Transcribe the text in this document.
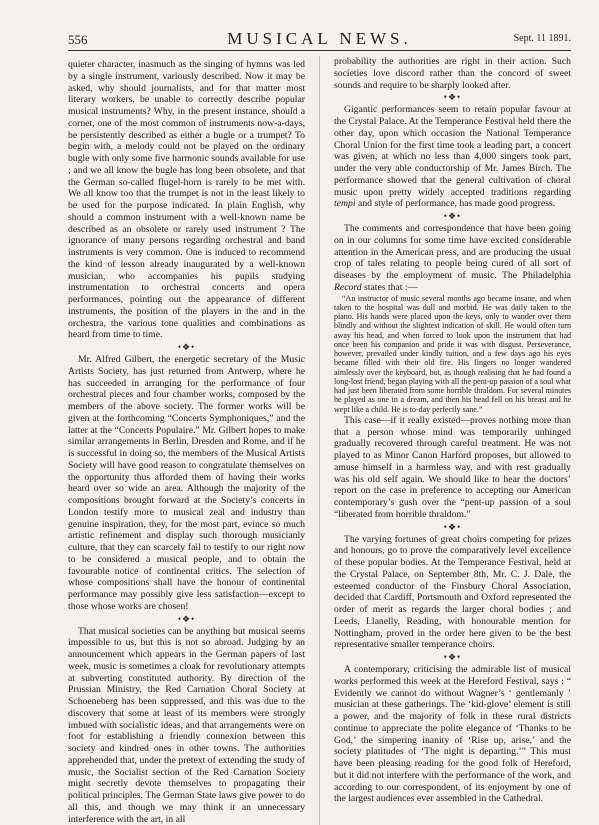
556	MUSICAL NEWS.	Sept. 11 1891.

quieter character, inasmuch as the singing of hymns was led by a single instrument, variously described. Now it may be asked, why should journalists, and for that matter most literary workers, be unable to correctly describe popular musical instruments? Why, in the present instance, should a cornet, one of the most common of instruments now-a-days, be persistently described as either a bugle or a trumpet? To begin with, a melody could not be played on the ordinary bugle with only some five harmonic sounds available for use ; and we all know the bugle has long been obsolete, and that the German so-called flugel-horn is rarely to be met with. We all know too that the trumpet is not in the least likely to be used for the purpose indicated. In plain English, why should a common instrument with a well-known name be described as an obsolete or rarely used instrument ? The ignorance of many persons regarding orchestral and band instruments is very common. One is induced to recommend the kind of lesson already inaugurated by a well-known musician, who accompanies his pupils studying instrumentation to orchestral concerts and opera performances, pointing out the appearance of different instruments, the position of the players in the and in the orchestra, the various tone qualities and combinations as heard from time to time.

•❖•

Mr. Alfred Gilbert, the energetic secretary of the Music Artists Society, has just returned from Antwerp, where he has succeeded in arranging for the performance of four orchestral pieces and four chamber works, composed by the members of the above society. The former works will be given at the forthcoming “Concerts Symphoniques,” and the latter at the “Concerts Populaire.” Mr. Gilbert hopes to make similar arrangements in Berlin, Dresden and Rome, and if he is successful in doing so, the members of the Musical Artists Society will have good reason to congratulate themselves on the opportunity thus afforded them of having their works heard over so wide an area. Although the majority of the compositions brought forward at the Society’s concerts in London testify more to musical zeal and industry than genuine inspiration, they, for the most part, evince so much artistic refinement and display such thorough musicianly culture, that they can scarcely fail to testify to our right now to be considered a musical people, and to obtain the favourable notice of continental critics. The selection of whose compositions shall have the honour of continental performance may possibly give less satisfaction—except to those whose works are chosen!

•❖•

That musical societies can be anything but musical seems impossible to us, but this is not so abroad. Judging by an announcement which appears in the German papers of last week, music is sometimes a cloak for revolutionary attempts at subverting constituted authority. By direction of the Prussian Ministry, the Red Carnation Choral Society at Schoeneberg has been suppressed, and this was due to the discovery that some at least of its members were strongly imbued with socialistic ideas, and that arrangements were on foot for establishing a friendly connexion between this society and kindred ones in other towns. The authorities apprehended that, under the pretext of extending the study of music, the Socialist section of the Red Carnation Society might secretly devote themselves to propagating their political principles. The German State laws give power to do all this, and though we may think it an unnecessary interference with the art, in all

probability the authorities are right in their action. Such societies love discord rather than the concord of sweet sounds and require to be sharply looked after.

•❖•

Gigantic performances seem to retain popular favour at the Crystal Palace. At the Temperance Festival held there the other day, upon which occasion the National Temperance Choral Union for the first time took a leading part, a concert was given, at which no less than 4,000 singers took part, under the very able conductorship of Mr. James Birch. The performance showed that the general cultivation of choral music upon pretty widely accepted traditions regarding tempi and style of performance, has made good progress.

•❖•

The comments and correspondence that have been going on in our columns for some time have excited considerable attention in the American press, and are producing the usual crop of tales relating to people being cured of all sort of diseases by the employment of music. The Philadelphia Record states that :—

“An instructor of music several months ago became insane, and when taken to the hospital was dull and morbid. He was daily taken to the piano. His hands were placed upon the keys, only to wander over them blindly and without the slightest indication of skill. He would often turn away his head, and when forced to look upon the instrument that had once been his companion and pride it was with disgust. Perseverance, however, prevailed under kindly tuition, and a few days ago his eyes became filled with their old fire. His fingers no longer wandered aimlessly over the keyboard, but, as though realising that he had found a long-lost friend, began playing with all the pent-up passion of a soul what had just been liberated from some horrible thraldom. For several minutes he played as one in a dream, and then his head fell on his breast and he wept like a child. He is to-day perfectly sane.”

This case—if it really existed—proves nothing more than that a person whose mind was temporarily unhinged gradually recovered through careful treatment. He was not played to as Minor Canon Harford proposes, but allowed to amuse himself in a harmless way, and with rest gradually was his old self again. We should like to hear the doctors’ report on the case in preference to accepting our American contemporary’s gush over the “pent-up passion of a soul “liberated from horrible thraldom.”

•❖•

The varying fortunes of great choirs competing for prizes and honours, go to prove the comparatively level excellence of these popular bodies. At the Temperance Festival, held at the Crystal Palace, on September 8th, Mr. C. J. Dale, the esteemed conductor of the Finsbury Choral Association, decided that Cardiff, Portsmouth and Oxford represented the order of merit as regards the larger choral bodies ; and Leeds, Llanelly, Reading, with honourable mention for Nottingham, proved in the order here given to be the best representative smaller temperance choirs.

•❖•

A contemporary, criticising the admirable list of musical works performed this week at the Hereford Festival, says : “ Evidently we cannot do without Wagner’s ‘ gentlemanly ’ musician at these gatherings. The ‘kid-glove’ element is still a power, and the majority of folk in these rural districts continue to appreciate the polite elegance of ‘Thanks to be God,’ the simpering inanity of ‘Rise up, arise,’ and the society platitudes of ‘The night is departing.’” This must have been pleasing reading for the good folk of Hereford, but it did not interfere with the performance of the work, and according to our correspondent, of its enjoyment by one of the largest audiences ever assembled in the Cathedral.
